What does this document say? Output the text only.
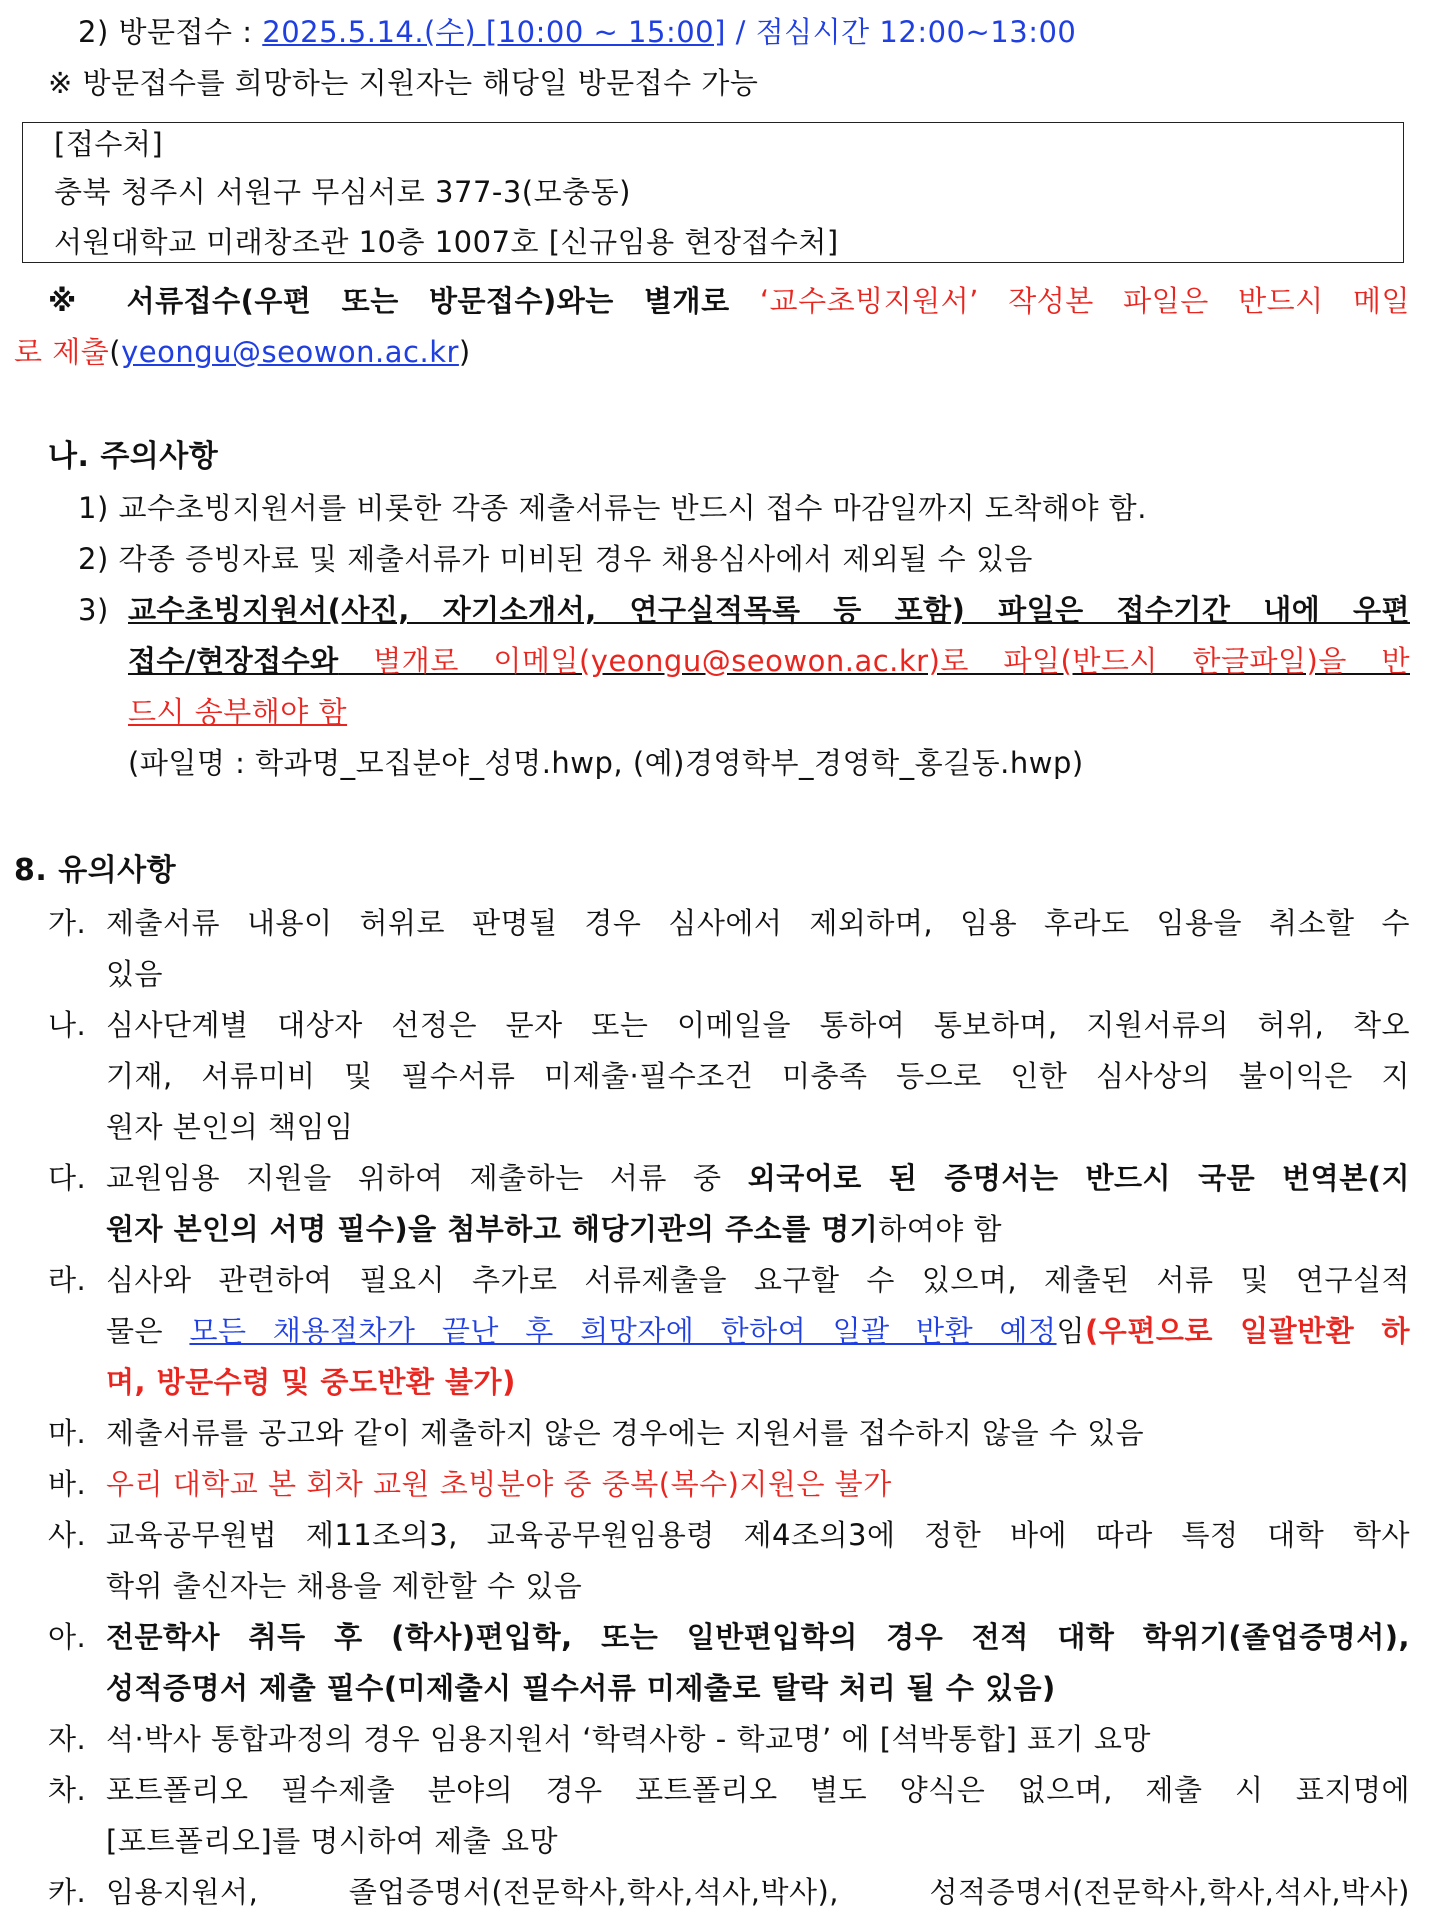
2) 방문접수 : 2025.5.14.(수) [10:00 ~ 15:00] / 점심시간 12:00~13:00
※ 방문접수를 희망하는 지원자는 해당일 방문접수 가능
[접수처]
충북 청주시 서원구 무심서로 377-3(모충동)
서원대학교 미래창조관 10층 1007호 [신규임용 현장접수처]
※ 서류접수(우편 또는 방문접수)와는 별개로 ‘교수초빙지원서’ 작성본 파일은 반드시 메일
로 제출(yeongu@seowon.ac.kr)
나. 주의사항
1) 교수초빙지원서를 비롯한 각종 제출서류는 반드시 접수 마감일까지 도착해야 함.
2) 각종 증빙자료 및 제출서류가 미비된 경우 채용심사에서 제외될 수 있음
3) 교수초빙지원서(사진, 자기소개서, 연구실적목록 등 포함) 파일은 접수기간 내에 우편
접수/현장접수와 별개로 이메일(yeongu@seowon.ac.kr)로 파일(반드시 한글파일)을 반
드시 송부해야 함
(파일명 : 학과명_모집분야_성명.hwp, (예)경영학부_경영학_홍길동.hwp)
8. 유의사항
가. 제출서류 내용이 허위로 판명될 경우 심사에서 제외하며, 임용 후라도 임용을 취소할 수
있음
나. 심사단계별 대상자 선정은 문자 또는 이메일을 통하여 통보하며, 지원서류의 허위, 착오
기재, 서류미비 및 필수서류 미제출·필수조건 미충족 등으로 인한 심사상의 불이익은 지
원자 본인의 책임임
다. 교원임용 지원을 위하여 제출하는 서류 중 외국어로 된 증명서는 반드시 국문 번역본(지
원자 본인의 서명 필수)을 첨부하고 해당기관의 주소를 명기하여야 함
라. 심사와 관련하여 필요시 추가로 서류제출을 요구할 수 있으며, 제출된 서류 및 연구실적
물은 모든 채용절차가 끝난 후 희망자에 한하여 일괄 반환 예정임(우편으로 일괄반환 하
며, 방문수령 및 중도반환 불가)
마. 제출서류를 공고와 같이 제출하지 않은 경우에는 지원서를 접수하지 않을 수 있음
바. 우리 대학교 본 회차 교원 초빙분야 중 중복(복수)지원은 불가
사. 교육공무원법 제11조의3, 교육공무원임용령 제4조의3에 정한 바에 따라 특정 대학 학사
학위 출신자는 채용을 제한할 수 있음
아. 전문학사 취득 후 (학사)편입학, 또는 일반편입학의 경우 전적 대학 학위기(졸업증명서),
성적증명서 제출 필수(미제출시 필수서류 미제출로 탈락 처리 될 수 있음)
자. 석·박사 통합과정의 경우 임용지원서 ‘학력사항 - 학교명’ 에 [석박통합] 표기 요망
차. 포트폴리오 필수제출 분야의 경우 포트폴리오 별도 양식은 없으며, 제출 시 표지명에
[포트폴리오]를 명시하여 제출 요망
카. 임용지원서, 졸업증명서(전문학사,학사,석사,박사), 성적증명서(전문학사,학사,석사,박사)
